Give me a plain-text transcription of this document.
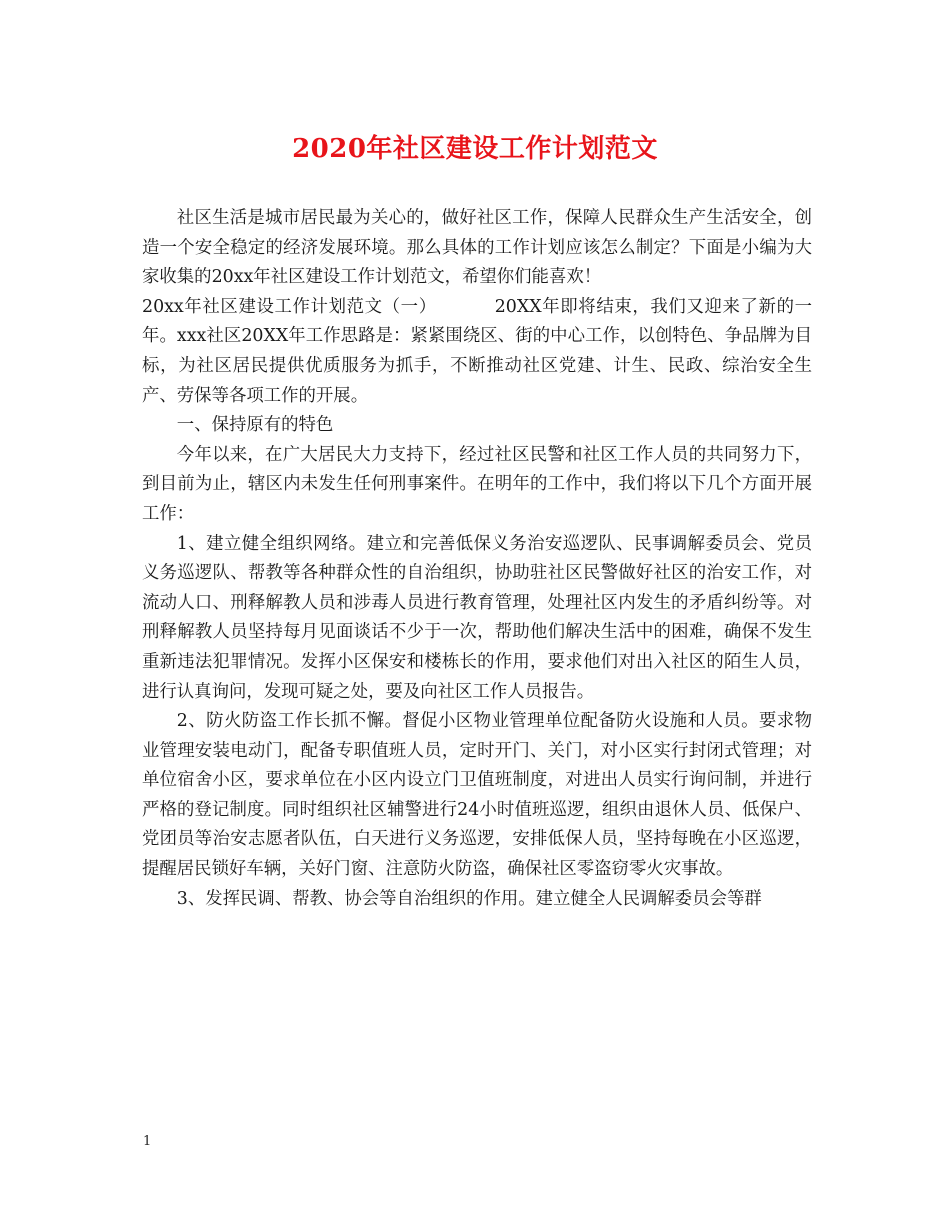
2020年社区建设工作计划范文

社区生活是城市居民最为关心的，做好社区工作，保障人民群众生产生活安全，创造一个安全稳定的经济发展环境。那么具体的工作计划应该怎么制定？下面是小编为大家收集的20xx年社区建设工作计划范文，希望你们能喜欢！

20xx年社区建设工作计划范文（一）	20XX年即将结束，我们又迎来了新的一年。xxx社区20XX年工作思路是：紧紧围绕区、街的中心工作，以创特色、争品牌为目标，为社区居民提供优质服务为抓手，不断推动社区党建、计生、民政、综治安全生产、劳保等各项工作的开展。

一、保持原有的特色

今年以来，在广大居民大力支持下，经过社区民警和社区工作人员的共同努力下，到目前为止，辖区内未发生任何刑事案件。在明年的工作中，我们将以下几个方面开展工作：

1、建立健全组织网络。建立和完善低保义务治安巡逻队、民事调解委员会、党员义务巡逻队、帮教等各种群众性的自治组织，协助驻社区民警做好社区的治安工作，对流动人口、刑释解教人员和涉毒人员进行教育管理，处理社区内发生的矛盾纠纷等。对刑释解教人员坚持每月见面谈话不少于一次，帮助他们解决生活中的困难，确保不发生重新违法犯罪情况。发挥小区保安和楼栋长的作用，要求他们对出入社区的陌生人员，进行认真询问，发现可疑之处，要及向社区工作人员报告。

2、防火防盗工作长抓不懈。督促小区物业管理单位配备防火设施和人员。要求物业管理安装电动门，配备专职值班人员，定时开门、关门，对小区实行封闭式管理；对单位宿舍小区，要求单位在小区内设立门卫值班制度，对进出人员实行询问制，并进行严格的登记制度。同时组织社区辅警进行24小时值班巡逻，组织由退休人员、低保户、党团员等治安志愿者队伍，白天进行义务巡逻，安排低保人员，坚持每晚在小区巡逻，提醒居民锁好车辆，关好门窗、注意防火防盗，确保社区零盗窃零火灾事故。

3、发挥民调、帮教、协会等自治组织的作用。建立健全人民调解委员会等群

1
